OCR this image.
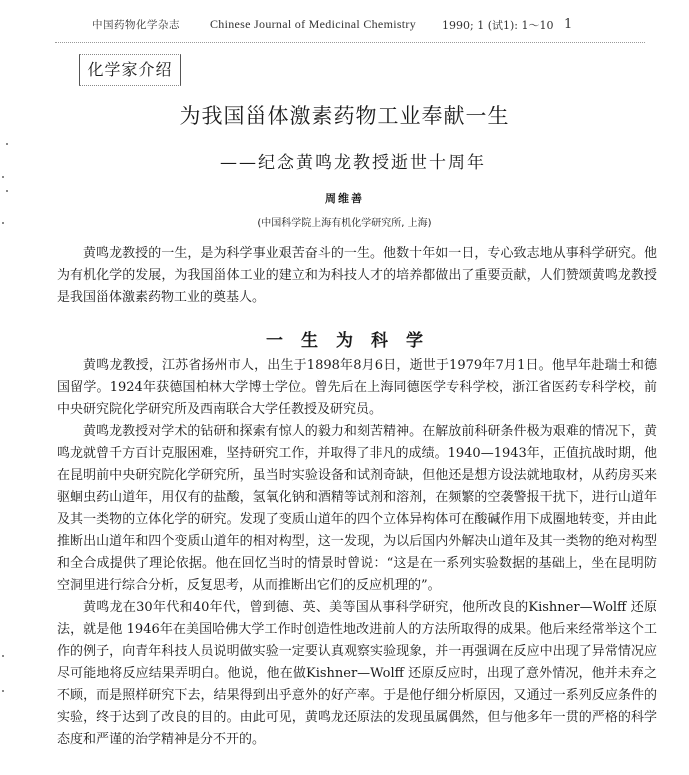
中国药物化学杂志	Chinese Journal of Medicinal Chemistry 1990; 1 (试1): 1～10 1
化学家介绍
为我国甾体激素药物工业奉献一生
——纪念黄鸣龙教授逝世十周年
周维善
(中国科学院上海有机化学研究所, 上海)

黄鸣龙教授的一生，是为科学事业艰苦奋斗的一生。他数十年如一日，专心致志地从事科学研究。他为有机化学的发展，为我国甾体工业的建立和为科技人才的培养都做出了重要贡献，人们赞颂黄鸣龙教授是我国甾体激素药物工业的奠基人。

一生为科学

黄鸣龙教授，江苏省扬州市人，出生于1898年8月6日，逝世于1979年7月1日。他早年赴瑞士和德国留学。1924年获德国柏林大学博士学位。曾先后在上海同德医学专科学校，浙江省医药专科学校，前中央研究院化学研究所及西南联合大学任教授及研究员。

黄鸣龙教授对学术的钻研和探索有惊人的毅力和刻苦精神。在解放前科研条件极为艰难的情况下，黄鸣龙就曾千方百计克服困难，坚持研究工作，并取得了非凡的成绩。1940—1943年，正值抗战时期，他在昆明前中央研究院化学研究所，虽当时实验设备和试剂奇缺，但他还是想方设法就地取材，从药房买来驱蛔虫药山道年，用仅有的盐酸，氢氧化钠和酒精等试剂和溶剂，在频繁的空袭警报干扰下，进行山道年及其一类物的立体化学的研究。发现了变质山道年的四个立体异构体可在酸碱作用下成圈地转变，并由此推断出山道年和四个变质山道年的相对构型，这一发现，为以后国内外解决山道年及其一类物的绝对构型和全合成提供了理论依据。他在回忆当时的情景时曾说：“这是在一系列实验数据的基础上，坐在昆明防空洞里进行综合分析，反复思考，从而推断出它们的反应机理的”。

黄鸣龙在30年代和40年代，曾到德、英、美等国从事科学研究，他所改良的Kishner—Wolff 还原法，就是他 1946年在美国哈佛大学工作时创造性地改进前人的方法所取得的成果。他后来经常举这个工作的例子，向青年科技人员说明做实验一定要认真观察实验现象，并一再强调在反应中出现了异常情况应尽可能地将反应结果弄明白。他说，他在做Kishner—Wolff 还原反应时，出现了意外情况，他并未弃之不顾，而是照样研究下去，结果得到出乎意外的好产率。于是他仔细分析原因，又通过一系列反应条件的实验，终于达到了改良的目的。由此可见，黄鸣龙还原法的发现虽属偶然，但与他多年一贯的严格的科学态度和严谨的治学精神是分不开的。
